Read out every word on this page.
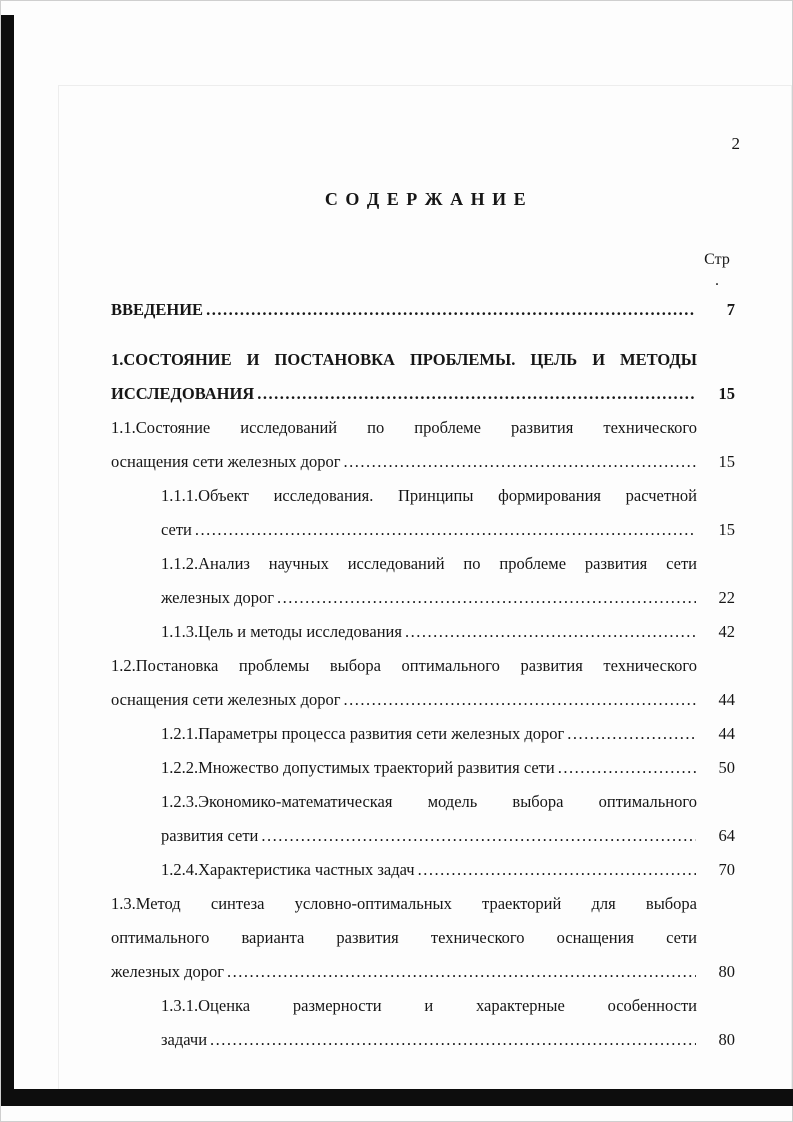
2
С О Д Е Р Ж А Н И Е
Стр
.
ВВЕДЕНИЕ .....	7
1.СОСТОЯНИЕ И ПОСТАНОВКА ПРОБЛЕМЫ. ЦЕЛЬ И МЕТОДЫ
ИССЛЕДОВАНИЯ .....	15
1.1.Состояние исследований по проблеме развития технического
оснащения сети железных дорог .....	15
1.1.1.Объект исследования. Принципы формирования расчетной
сети .....	15
1.1.2.Анализ научных исследований по проблеме развития сети
железных дорог .....	22
1.1.3.Цель и методы исследования .....	42
1.2.Постановка проблемы выбора оптимального развития технического
оснащения сети железных дорог .....	44
1.2.1.Параметры процесса развития сети железных дорог .....	44
1.2.2.Множество допустимых траекторий развития сети .....	50
1.2.3.Экономико-математическая модель выбора оптимального
развития сети .....	64
1.2.4.Характеристика частных задач .....	70
1.3.Метод синтеза условно-оптимальных траекторий для выбора
оптимального варианта развития технического оснащения сети
железных дорог .....	80
1.3.1.Оценка размерности и характерные особенности
задачи .....	80
